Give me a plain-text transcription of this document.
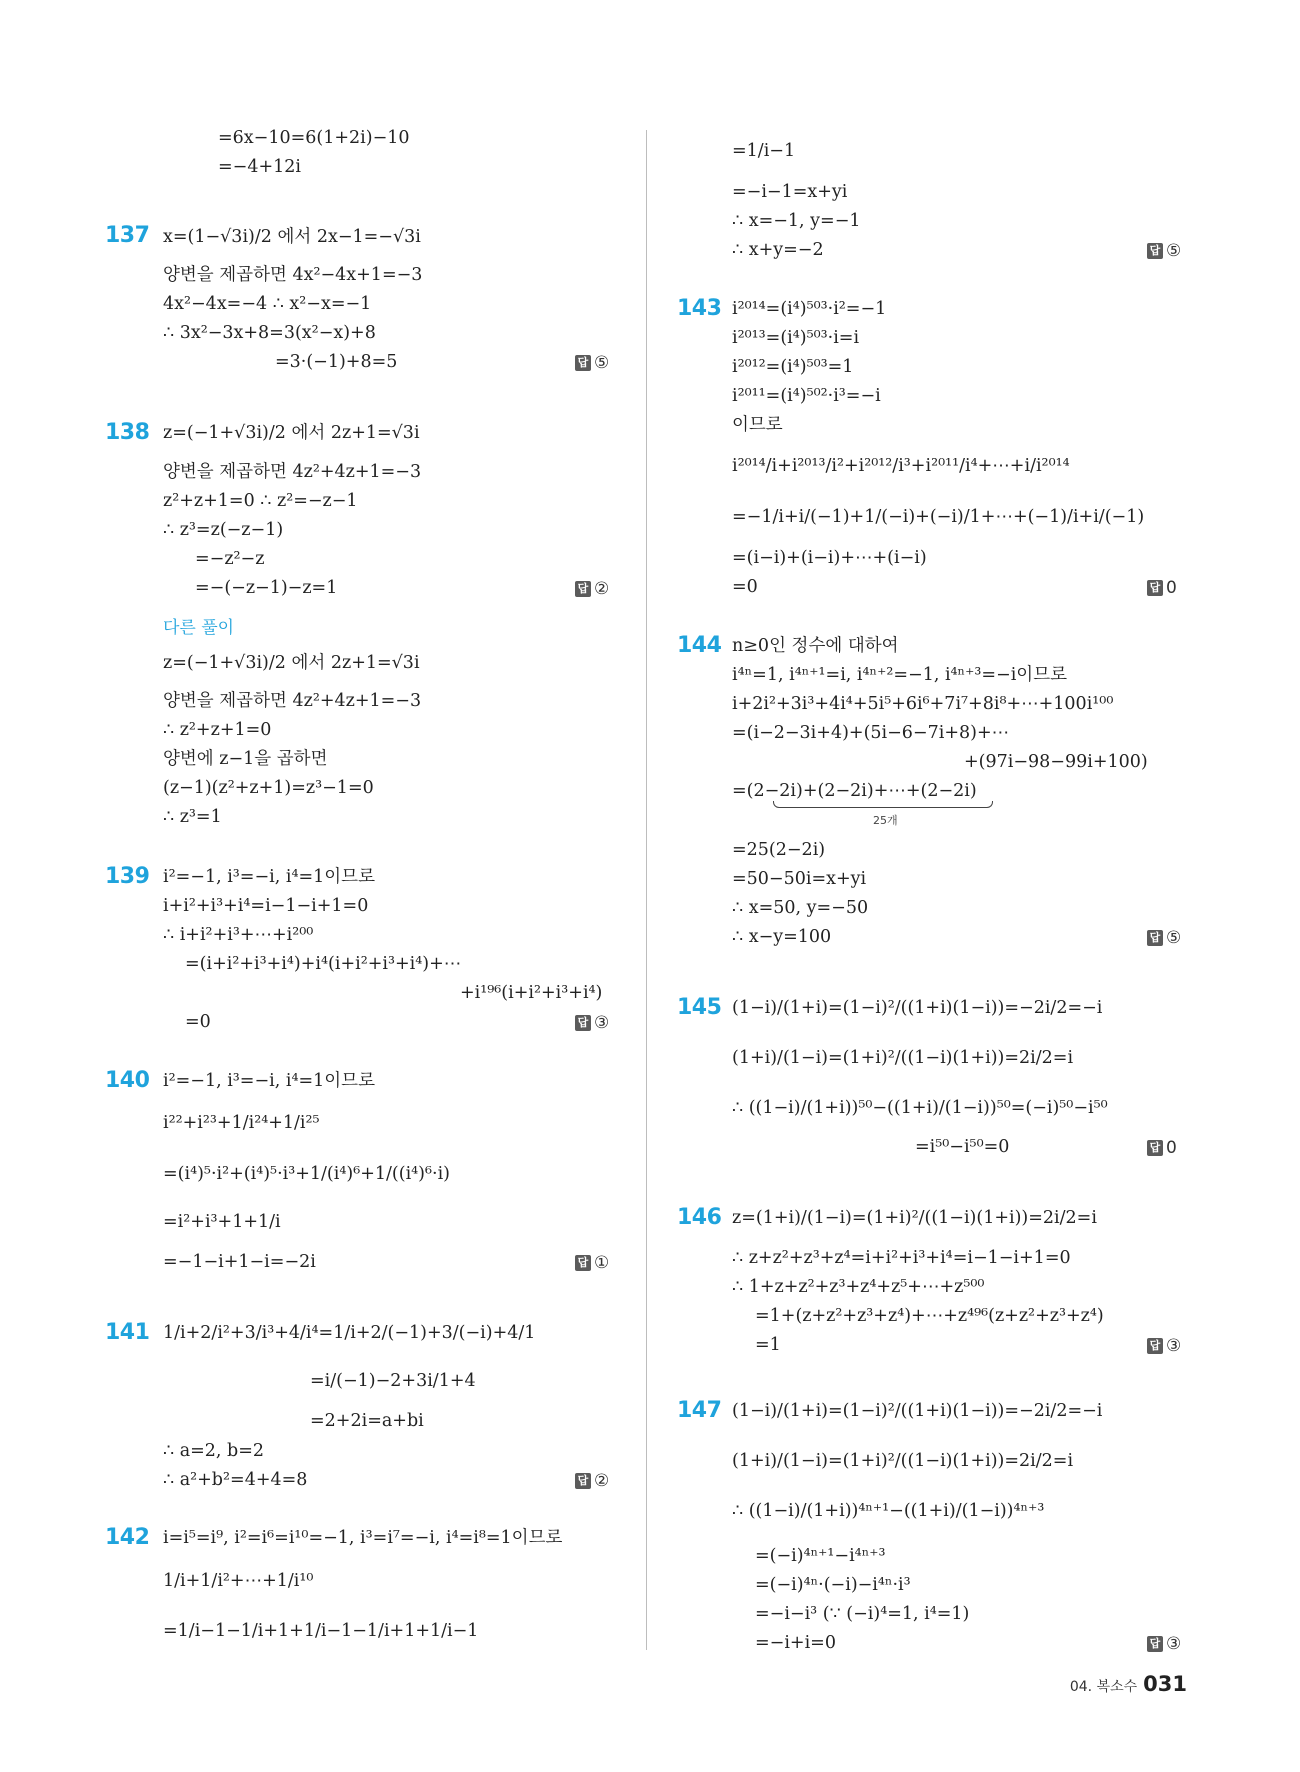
=6x−10=6(1+2i)−10
=−4+12i
137 x=(1−√3i)/2 에서 2x−1=−√3i
양변을 제곱하면 4x²−4x+1=−3
4x²−4x=−4 ∴ x²−x=−1
∴ 3x²−3x+8=3(x²−x)+8
=3·(−1)+8=5	답 ⑤
138 z=(−1+√3i)/2 에서 2z+1=√3i
양변을 제곱하면 4z²+4z+1=−3
z²+z+1=0 ∴ z²=−z−1
∴ z³=z(−z−1)
=−z²−z
=−(−z−1)−z=1	답 ②
다른 풀이
z=(−1+√3i)/2 에서 2z+1=√3i
양변을 제곱하면 4z²+4z+1=−3
∴ z²+z+1=0
양변에 z−1을 곱하면
(z−1)(z²+z+1)=z³−1=0
∴ z³=1
139 i²=−1, i³=−i, i⁴=1이므로
i+i²+i³+i⁴=i−1−i+1=0
∴ i+i²+i³+⋯+i²⁰⁰
=(i+i²+i³+i⁴)+i⁴(i+i²+i³+i⁴)+⋯
+i¹⁹⁶(i+i²+i³+i⁴)
=0	답 ③
140 i²=−1, i³=−i, i⁴=1이므로
i²²+i²³+1/i²⁴+1/i²⁵
=(i⁴)⁵·i²+(i⁴)⁵·i³+1/(i⁴)⁶+1/((i⁴)⁶·i)
=i²+i³+1+1/i
=−1−i+1−i=−2i	답 ①
141 1/i+2/i²+3/i³+4/i⁴=1/i+2/(−1)+3/(−i)+4/1
=i/(−1)−2+3i/1+4
=2+2i=a+bi
∴ a=2, b=2
∴ a²+b²=4+4=8	답 ②
142 i=i⁵=i⁹, i²=i⁶=i¹⁰=−1, i³=i⁷=−i, i⁴=i⁸=1이므로
1/i+1/i²+⋯+1/i¹⁰
=1/i−1−1/i+1+1/i−1−1/i+1+1/i−1
=1/i−1
=−i−1=x+yi
∴ x=−1, y=−1
∴ x+y=−2	답 ⑤
143 i²⁰¹⁴=(i⁴)⁵⁰³·i²=−1
i²⁰¹³=(i⁴)⁵⁰³·i=i
i²⁰¹²=(i⁴)⁵⁰³=1
i²⁰¹¹=(i⁴)⁵⁰²·i³=−i
이므로
i²⁰¹⁴/i+i²⁰¹³/i²+i²⁰¹²/i³+i²⁰¹¹/i⁴+⋯+i/i²⁰¹⁴
=−1/i+i/(−1)+1/(−i)+(−i)/1+⋯+(−1)/i+i/(−1)
=(i−i)+(i−i)+⋯+(i−i)
=0	답 0
144 n≥0인 정수에 대하여
i⁴ⁿ=1, i⁴ⁿ⁺¹=i, i⁴ⁿ⁺²=−1, i⁴ⁿ⁺³=−i이므로
i+2i²+3i³+4i⁴+5i⁵+6i⁶+7i⁷+8i⁸+⋯+100i¹⁰⁰
=(i−2−3i+4)+(5i−6−7i+8)+⋯
+(97i−98−99i+100)
=(2−2i)+(2−2i)+⋯+(2−2i)
25개
=25(2−2i)
=50−50i=x+yi
∴ x=50, y=−50
∴ x−y=100	답 ⑤
145 (1−i)/(1+i)=(1−i)²/((1+i)(1−i))=−2i/2=−i
(1+i)/(1−i)=(1+i)²/((1−i)(1+i))=2i/2=i
∴ ((1−i)/(1+i))⁵⁰−((1+i)/(1−i))⁵⁰=(−i)⁵⁰−i⁵⁰
=i⁵⁰−i⁵⁰=0	답 0
146 z=(1+i)/(1−i)=(1+i)²/((1−i)(1+i))=2i/2=i
∴ z+z²+z³+z⁴=i+i²+i³+i⁴=i−1−i+1=0
∴ 1+z+z²+z³+z⁴+z⁵+⋯+z⁵⁰⁰
=1+(z+z²+z³+z⁴)+⋯+z⁴⁹⁶(z+z²+z³+z⁴)
=1	답 ③
147 (1−i)/(1+i)=(1−i)²/((1+i)(1−i))=−2i/2=−i
(1+i)/(1−i)=(1+i)²/((1−i)(1+i))=2i/2=i
∴ ((1−i)/(1+i))⁴ⁿ⁺¹−((1+i)/(1−i))⁴ⁿ⁺³
=(−i)⁴ⁿ⁺¹−i⁴ⁿ⁺³
=(−i)⁴ⁿ·(−i)−i⁴ⁿ·i³
=−i−i³ (∵ (−i)⁴=1, i⁴=1)
=−i+i=0	답 ③
04. 복소수 031
